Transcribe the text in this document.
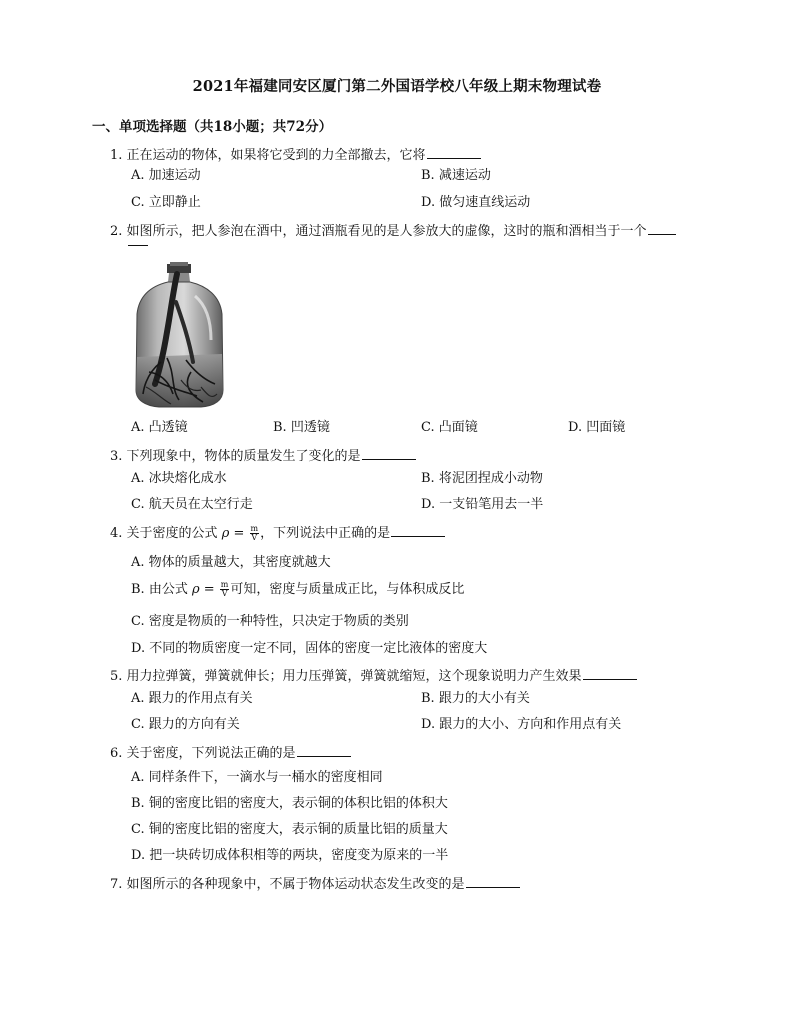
2021年福建同安区厦门第二外国语学校八年级上期末物理试卷
一、单项选择题（共18小题；共72分）
1. 正在运动的物体，如果将它受到的力全部撤去，它将
A. 加速运动	B. 减速运动
C. 立即静止	D. 做匀速直线运动
2. 如图所示，把人参泡在酒中，通过酒瓶看见的是人参放大的虚像，这时的瓶和酒相当于一个
A. 凸透镜	B. 凹透镜	C. 凸面镜	D. 凹面镜
3. 下列现象中，物体的质量发生了变化的是
A. 冰块熔化成水	B. 将泥团捏成小动物
C. 航天员在太空行走	D. 一支铅笔用去一半
4. 关于密度的公式 $\rho = \frac{m}{V}$ ，下列说法中正确的是
A. 物体的质量越大，其密度就越大
B. 由公式 $\rho = \frac{m}{V}$ 可知，密度与质量成正比，与体积成反比
C. 密度是物质的一种特性，只决定于物质的类别
D. 不同的物质密度一定不同，固体的密度一定比液体的密度大
5. 用力拉弹簧，弹簧就伸长；用力压弹簧，弹簧就缩短，这个现象说明力产生效果
A. 跟力的作用点有关	B. 跟力的大小有关
C. 跟力的方向有关	D. 跟力的大小、方向和作用点有关
6. 关于密度，下列说法正确的是
A. 同样条件下，一滴水与一桶水的密度相同
B. 铜的密度比铝的密度大，表示铜的体积比铝的体积大
C. 铜的密度比铝的密度大，表示铜的质量比铝的质量大
D. 把一块砖切成体积相等的两块，密度变为原来的一半
7. 如图所示的各种现象中，不属于物体运动状态发生改变的是
